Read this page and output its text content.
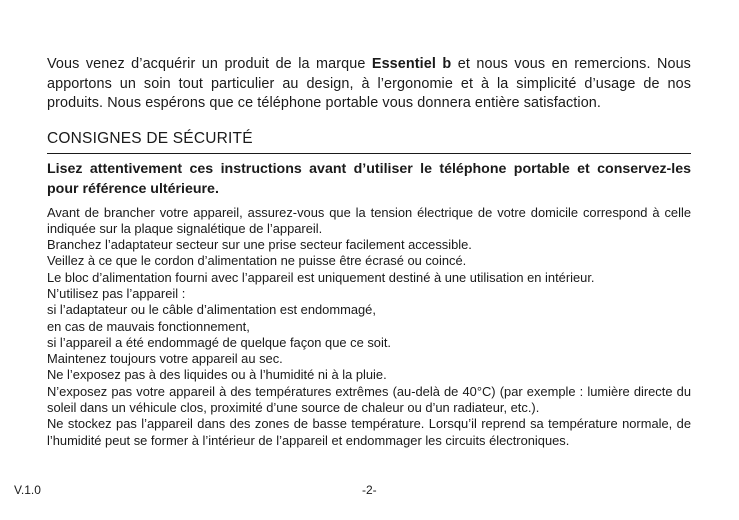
Vous venez d’acquérir un produit de la marque Essentiel b et nous vous en remercions. Nous apportons un soin tout particulier au design, à l’ergonomie et à la simplicité d’usage de nos produits. Nous espérons que ce téléphone portable vous donnera entière satisfaction.

CONSIGNES DE SÉCURITÉ

Lisez attentivement ces instructions avant d’utiliser le téléphone portable et conservez-les pour référence ultérieure.

Avant de brancher votre appareil, assurez-vous que la tension électrique de votre domicile correspond à celle indiquée sur la plaque signalétique de l’appareil.

Branchez l’adaptateur secteur sur une prise secteur facilement accessible.

Veillez à ce que le cordon d’alimentation ne puisse être écrasé ou coincé.

Le bloc d’alimentation fourni avec l’appareil est uniquement destiné à une utilisation en intérieur.

N’utilisez pas l’appareil :

si l’adaptateur ou le câble d’alimentation est endommagé,

en cas de mauvais fonctionnement,

si l’appareil a été endommagé de quelque façon que ce soit.

Maintenez toujours votre appareil au sec.

Ne l’exposez pas à des liquides ou à l’humidité ni à la pluie.

N’exposez pas votre appareil à des températures extrêmes (au-delà de 40°C) (par exemple : lumière directe du soleil dans un véhicule clos, proximité d’une source de chaleur ou d’un radiateur, etc.).

Ne stockez pas l’appareil dans des zones de basse température. Lorsqu’il reprend sa température normale, de l’humidité peut se former à l’intérieur de l’appareil et endommager les circuits électroniques.

V.1.0	-2-
